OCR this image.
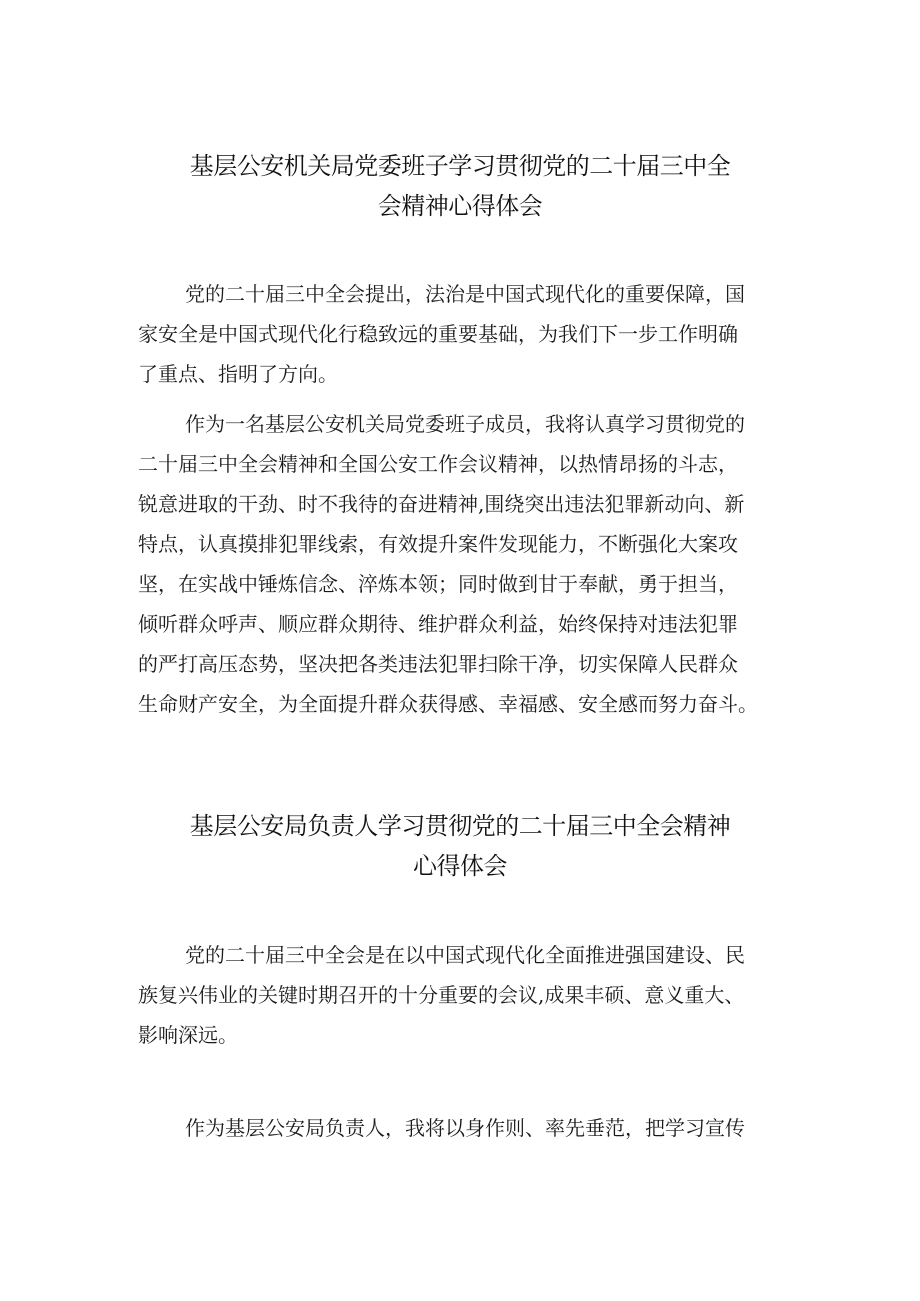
基层公安机关局党委班子学习贯彻党的二十届三中全
会精神心得体会
党的二十届三中全会提出，法治是中国式现代化的重要保障，国
家安全是中国式现代化行稳致远的重要基础，为我们下一步工作明确
了重点、指明了方向。
作为一名基层公安机关局党委班子成员，我将认真学习贯彻党的
二十届三中全会精神和全国公安工作会议精神，以热情昂扬的斗志，
锐意进取的干劲、时不我待的奋进精神,围绕突出违法犯罪新动向、新
特点，认真摸排犯罪线索，有效提升案件发现能力，不断强化大案攻
坚，在实战中锤炼信念、淬炼本领；同时做到甘于奉献，勇于担当，
倾听群众呼声、顺应群众期待、维护群众利益，始终保持对违法犯罪
的严打高压态势，坚决把各类违法犯罪扫除干净，切实保障人民群众
生命财产安全，为全面提升群众获得感、幸福感、安全感而努力奋斗。
基层公安局负责人学习贯彻党的二十届三中全会精神
心得体会
党的二十届三中全会是在以中国式现代化全面推进强国建设、民
族复兴伟业的关键时期召开的十分重要的会议,成果丰硕、意义重大、
影响深远。
作为基层公安局负责人，我将以身作则、率先垂范，把学习宣传
